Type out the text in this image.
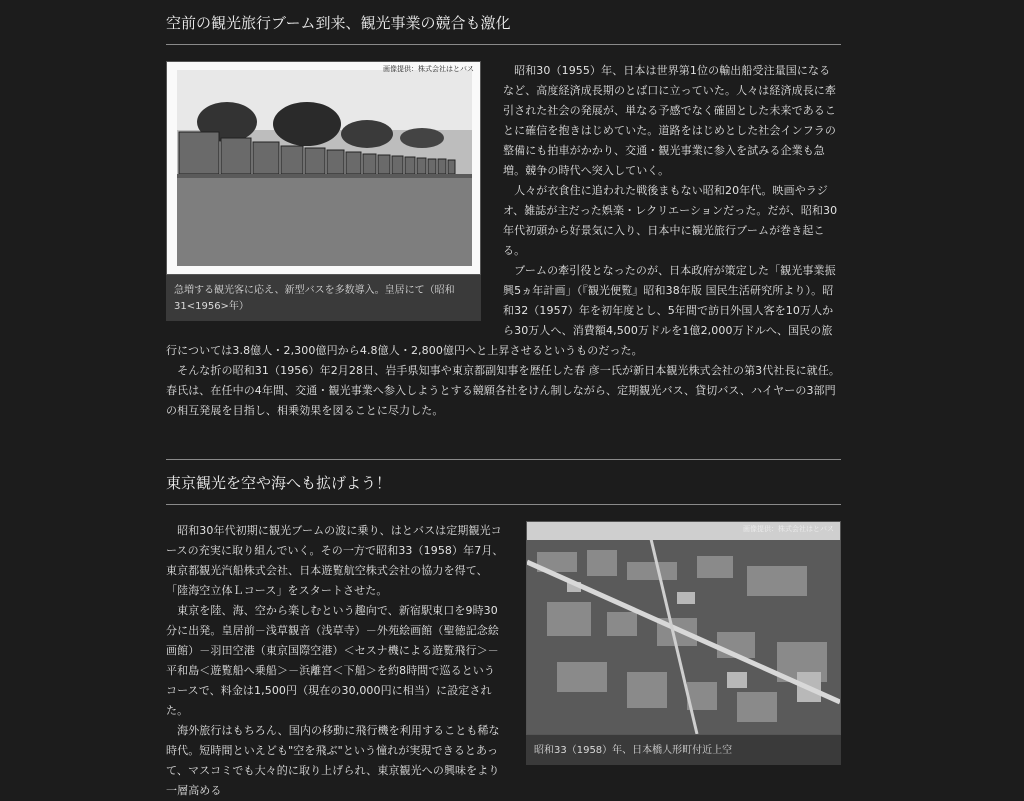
空前の観光旅行ブーム到来、観光事業の競合も激化
画像提供：株式会社はとバス
急増する観光客に応え、新型バスを多数導入。皇居にて（昭和31<1956>年）

　昭和30（1955）年、日本は世界第1位の輸出船受注量国になるなど、高度経済成長期のとば口に立っていた。人々は経済成長に牽引された社会の発展が、単なる予感でなく確固とした未来であることに確信を抱きはじめていた。道路をはじめとした社会インフラの整備にも拍車がかかり、交通・観光事業に参入を試みる企業も急増。競争の時代へ突入していく。

　人々が衣食住に追われた戦後まもない昭和20年代。映画やラジオ、雑誌が主だった娯楽・レクリエーションだった。だが、昭和30年代初頭から好景気に入り、日本中に観光旅行ブームが巻き起こる。

　ブームの牽引役となったのが、日本政府が策定した「観光事業振興5ヵ年計画」（『観光便覧』昭和38年版 国民生活研究所より）。昭和32（1957）年を初年度とし、5年間で訪日外国人客を10万人から30万人へ、消費額4,500万ドルを1億2,000万ドルへ、国民の旅行については3.8億人・2,300億円から4.8億人・2,800億円へと上昇させるというものだった。

　そんな折の昭和31（1956）年2月28日、岩手県知事や東京都副知事を歴任した春 彦一氏が新日本観光株式会社の第3代社長に就任。春氏は、在任中の4年間、交通・観光事業へ参入しようとする競願各社をけん制しながら、定期観光バス、貸切バス、ハイヤーの3部門の相互発展を目指し、相乗効果を図ることに尽力した。

東京観光を空や海へも拡げよう！
画像提供：株式会社はとバス
昭和33（1958）年、日本橋人形町付近上空

　昭和30年代初期に観光ブームの波に乗り、はとバスは定期観光コースの充実に取り組んでいく。その一方で昭和33（1958）年7月、東京都観光汽船株式会社、日本遊覧航空株式会社の協力を得て、「陸海空立体Ｌコース」をスタートさせた。

　東京を陸、海、空から楽しむという趣向で、新宿駅東口を9時30分に出発。皇居前－浅草観音（浅草寺）－外苑絵画館（聖徳記念絵画館）－羽田空港（東京国際空港）＜セスナ機による遊覧飛行＞－平和島＜遊覧船へ乗船＞－浜離宮＜下船＞を約8時間で巡るというコースで、料金は1,500円（現在の30,000円に相当）に設定された。

　海外旅行はもちろん、国内の移動に飛行機を利用することも稀な時代。短時間といえども"空を飛ぶ"という憧れが実現できるとあって、マスコミでも大々的に取り上げられ、東京観光への興味をより一層高める
